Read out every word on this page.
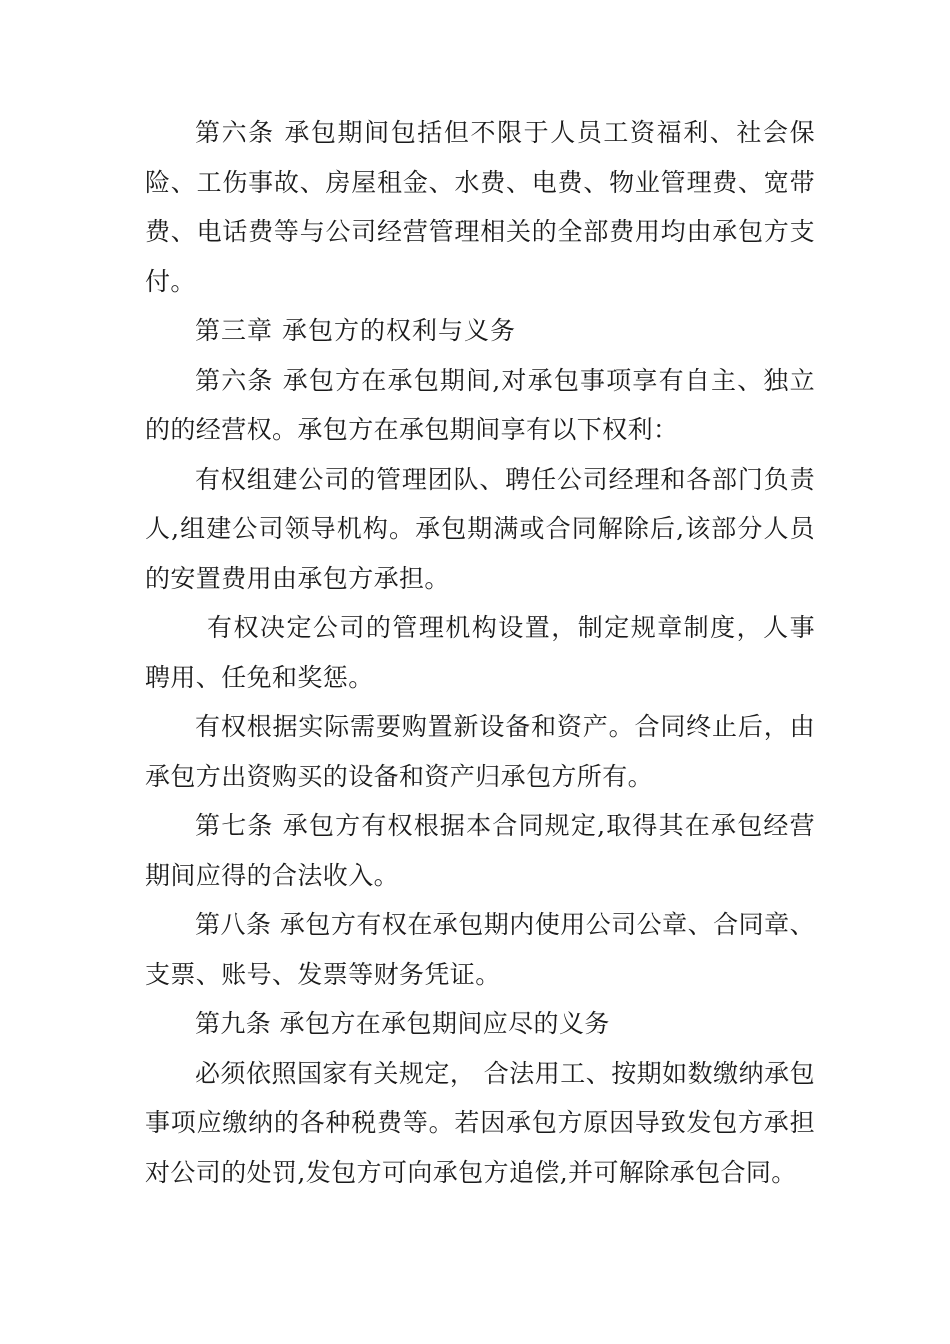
第六条 承包期间包括但不限于人员工资福利、社会保险、工伤事故、房屋租金、水费、电费、物业管理费、宽带费、电话费等与公司经营管理相关的全部费用均由承包方支付。

第三章 承包方的权利与义务

第六条 承包方在承包期间,对承包事项享有自主、独立的的经营权。承包方在承包期间享有以下权利：

有权组建公司的管理团队、聘任公司经理和各部门负责人,组建公司领导机构。承包期满或合同解除后,该部分人员的安置费用由承包方承担。

有权决定公司的管理机构设置，制定规章制度，人事聘用、任免和奖惩。

有权根据实际需要购置新设备和资产。合同终止后，由承包方出资购买的设备和资产归承包方所有。

第七条 承包方有权根据本合同规定,取得其在承包经营期间应得的合法收入。

第八条 承包方有权在承包期内使用公司公章、合同章、支票、账号、发票等财务凭证。

第九条 承包方在承包期间应尽的义务

必须依照国家有关规定， 合法用工、按期如数缴纳承包事项应缴纳的各种税费等。若因承包方原因导致发包方承担对公司的处罚,发包方可向承包方追偿,并可解除承包合同。
